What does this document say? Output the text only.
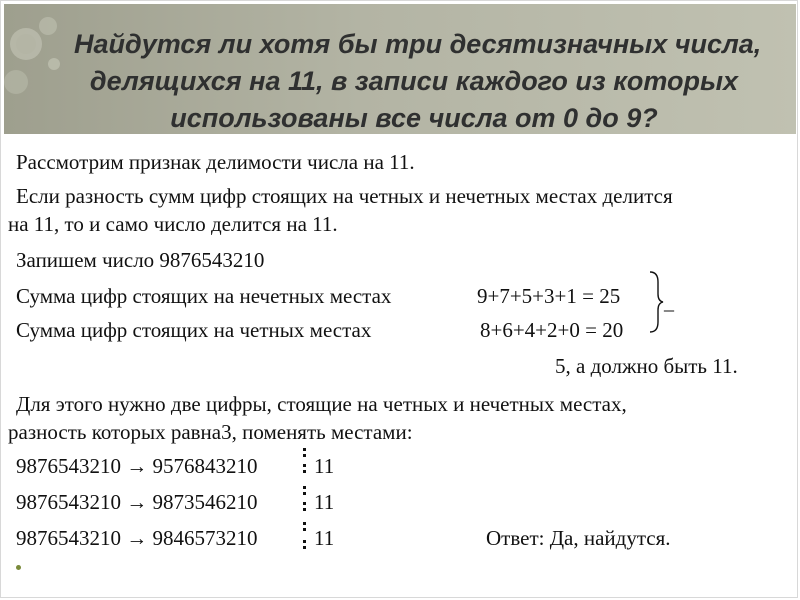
Найдутся ли хотя бы три десятизначных числа,
делящихся на 11, в записи каждого из которых
использованы все числа от 0 до 9?

Рассмотрим признак делимости числа на 11.

Если разность сумм цифр стоящих на четных и нечетных местах делится

на 11, то и само число делится на 11.

Запишем число 9876543210

Сумма цифр стоящих на нечетных местах	9+7+5+3+1 = 25

Сумма цифр стоящих на четных местах	8+6+4+2+0 = 20

_

5, а должно быть 11.

Для этого нужно две цифры, стоящие на четных и нечетных местах,

разность которых равна3, поменять местами:

9876543210 → 9576843210	11

9876543210 → 9873546210	11

9876543210 → 9846573210	11	Ответ: Да, найдутся.
